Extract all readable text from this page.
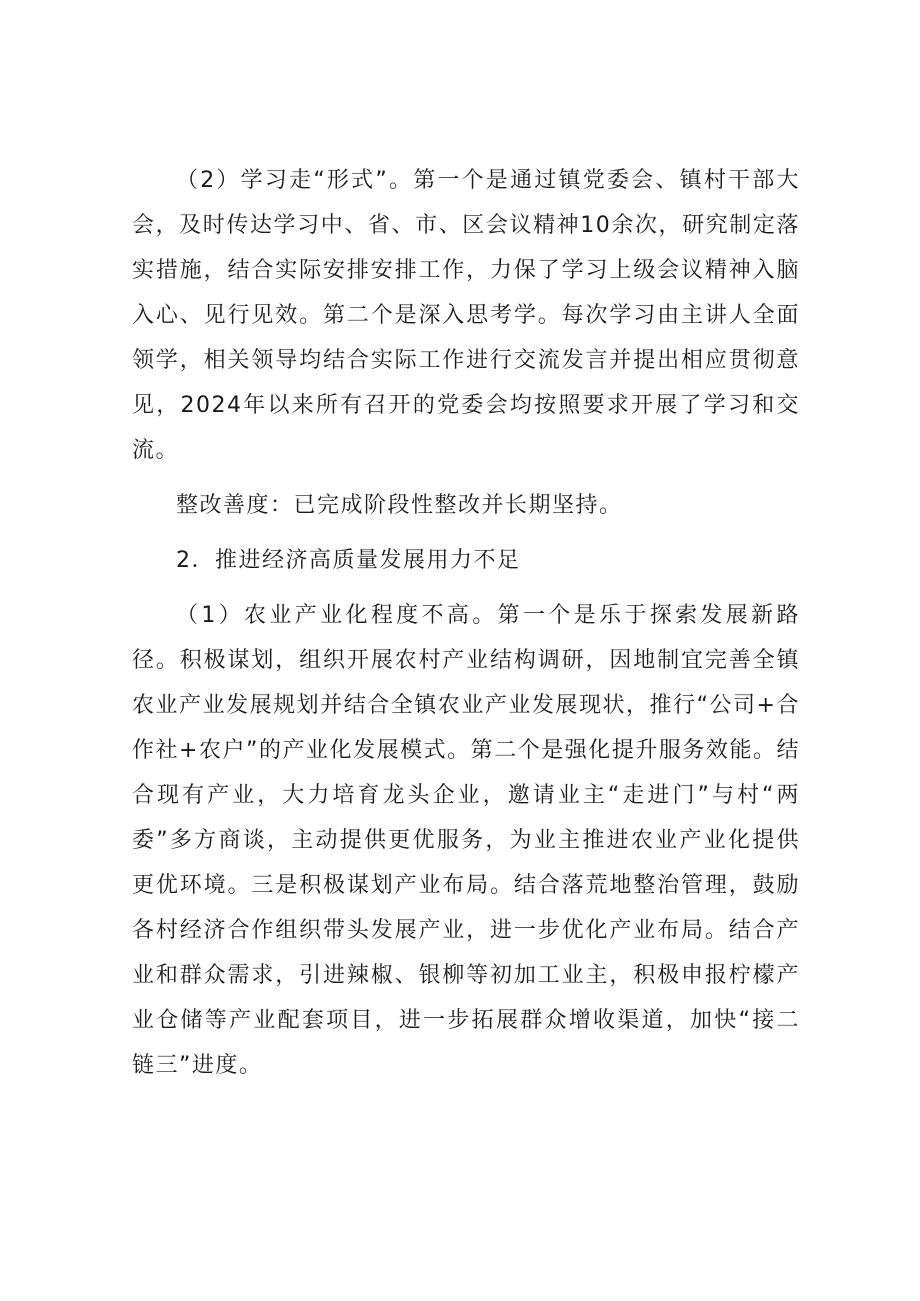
（2）学习走“形式”。第一个是通过镇党委会、镇村干部大会，及时传达学习中、省、市、区会议精神10余次，研究制定落实措施，结合实际安排安排工作，力保了学习上级会议精神入脑入心、见行见效。第二个是深入思考学。每次学习由主讲人全面领学，相关领导均结合实际工作进行交流发言并提出相应贯彻意见，2024年以来所有召开的党委会均按照要求开展了学习和交流。

整改善度：已完成阶段性整改并长期坚持。

2．推进经济高质量发展用力不足

（1）农业产业化程度不高。第一个是乐于探索发展新路径。积极谋划，组织开展农村产业结构调研，因地制宜完善全镇农业产业发展规划并结合全镇农业产业发展现状，推行“公司+合作社+农户”的产业化发展模式。第二个是强化提升服务效能。结合现有产业，大力培育龙头企业，邀请业主“走进门”与村“两委”多方商谈，主动提供更优服务，为业主推进农业产业化提供更优环境。三是积极谋划产业布局。结合落荒地整治管理，鼓励各村经济合作组织带头发展产业，进一步优化产业布局。结合产业和群众需求，引进辣椒、银柳等初加工业主，积极申报柠檬产业仓储等产业配套项目，进一步拓展群众增收渠道，加快“接二链三”进度。
